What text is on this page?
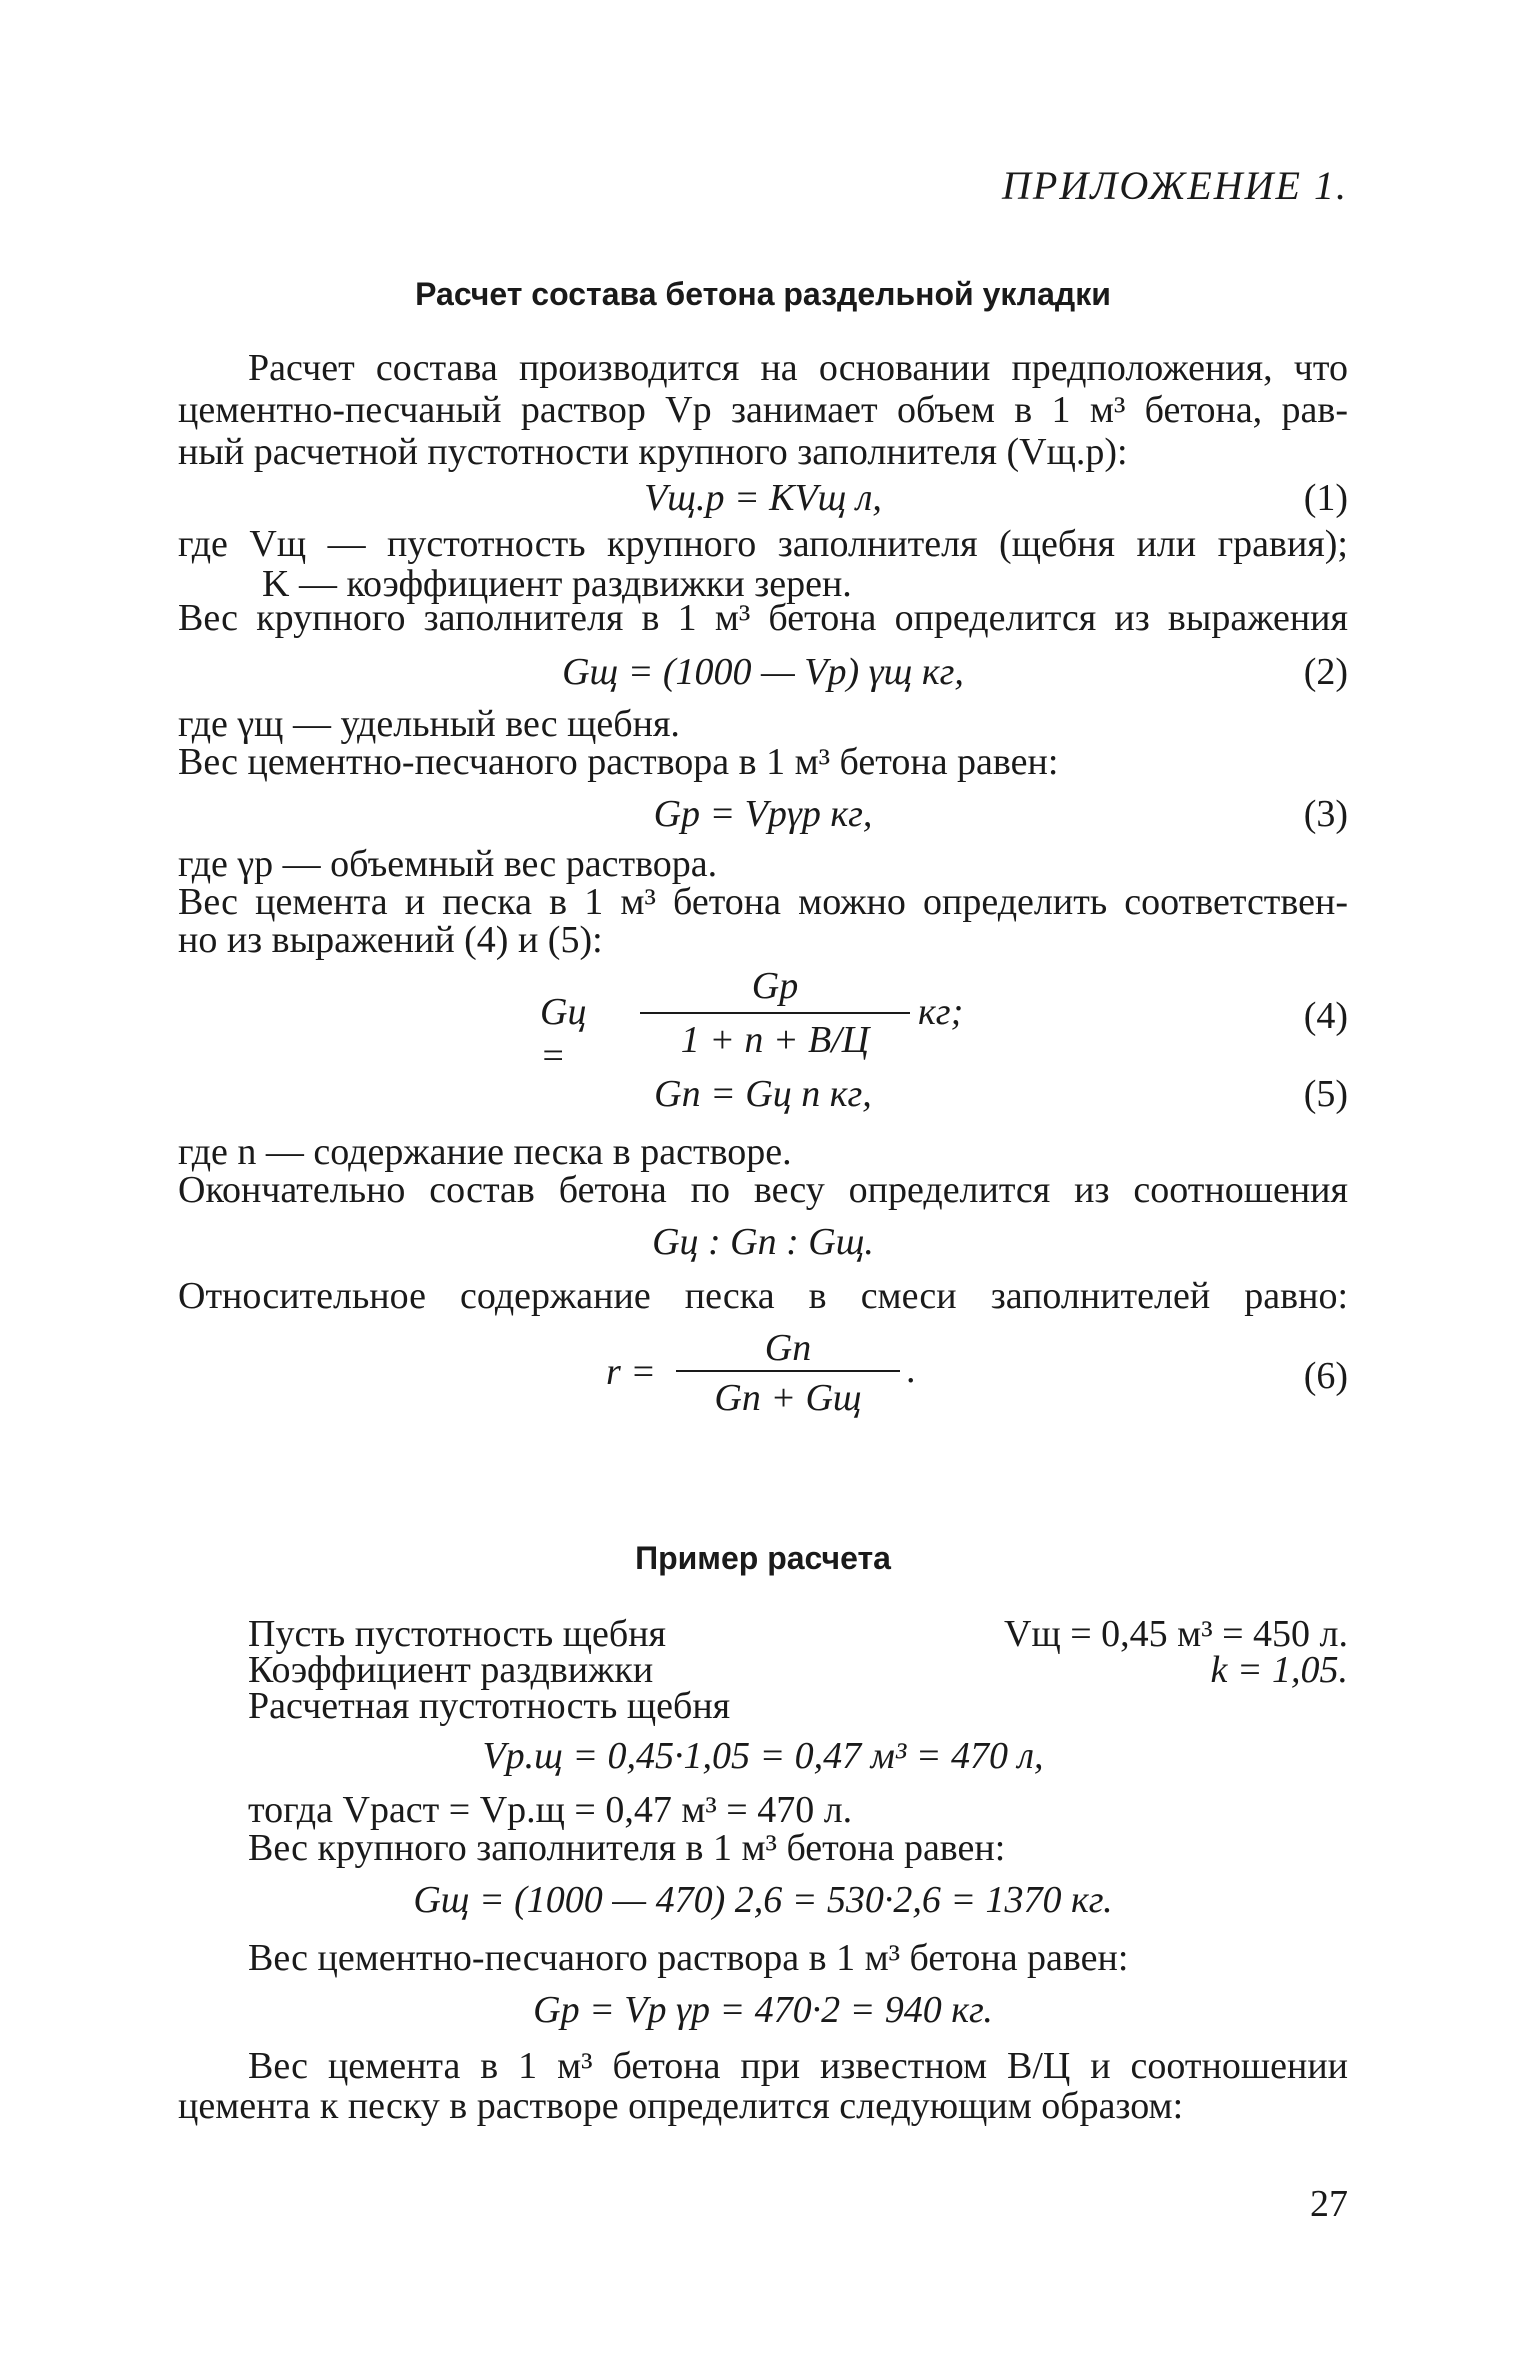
ПРИЛОЖЕНИЕ 1.
Расчет состава бетона раздельной укладки
Расчет состава производится на основании предположения, что
цементно-песчаный раствор Vр занимает объем в 1 м³ бетона, рав-
ный расчетной пустотности крупного заполнителя (Vщ.р):
Vщ.р = KVщ л,	(1)
где Vщ — пустотность крупного заполнителя (щебня или гравия);
K — коэффициент раздвижки зерен.
Вес крупного заполнителя в 1 м³ бетона определится из выражения
Gщ = (1000 — Vр) γщ кг,	(2)
где γщ — удельный вес щебня.
Вес цементно-песчаного раствора в 1 м³ бетона равен:
Gр = Vрγр кг,	(3)
где γр — объемный вес раствора.
Вес цемента и песка в 1 м³ бетона можно определить соответствен-
но из выражений (4) и (5):
Gц =
Gр
1 + n + В/Ц
кг;	(4)
Gп = Gц n кг,	(5)
где n — содержание песка в растворе.
Окончательно состав бетона по весу определится из соотношения
Gц : Gп : Gщ.
Относительное содержание песка в смеси заполнителей равно:
r =
Gп
Gп + Gщ
.	(6)
Пример расчета
Пусть пустотность щебня	Vщ = 0,45 м³ = 450 л.
Коэффициент раздвижки	k = 1,05.
Расчетная пустотность щебня
Vр.щ = 0,45·1,05 = 0,47 м³ = 470 л,
тогда Vраст = Vр.щ = 0,47 м³ = 470 л.
Вес крупного заполнителя в 1 м³ бетона равен:
Gщ = (1000 — 470) 2,6 = 530·2,6 = 1370 кг.
Вес цементно-песчаного раствора в 1 м³ бетона равен:
Gр = Vр γр = 470·2 = 940 кг.
Вес цемента в 1 м³ бетона при известном В/Ц и соотношении
цемента к песку в растворе определится следующим образом:
27
